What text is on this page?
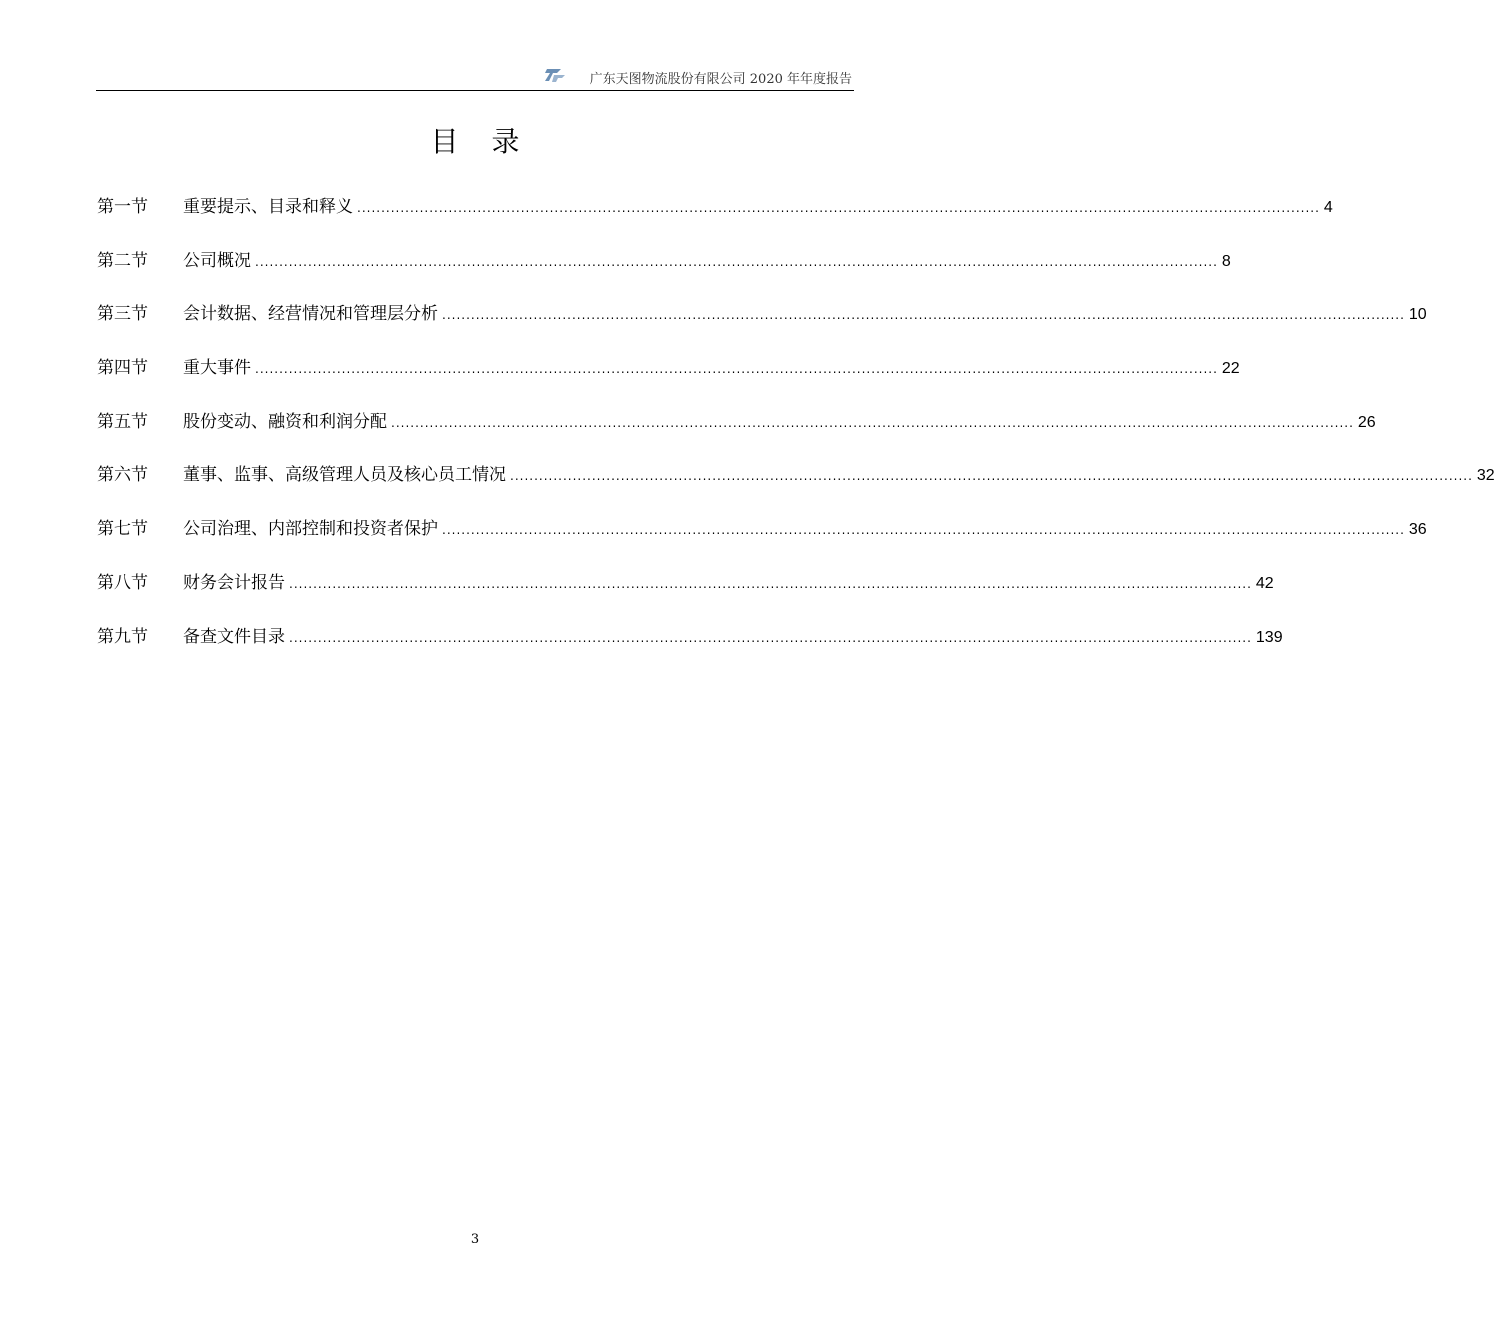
广东天图物流股份有限公司 2020 年年度报告
目 录
第一节	重要提示、目录和释义 ........................................................................................................................................................................................................ 4
第二节	公司概况 ........................................................................................................................................................................................................ 8
第三节	会计数据、经营情况和管理层分析 ........................................................................................................................................................................................................ 10
第四节	重大事件 ........................................................................................................................................................................................................ 22
第五节	股份变动、融资和利润分配 ........................................................................................................................................................................................................ 26
第六节	董事、监事、高级管理人员及核心员工情况 ........................................................................................................................................................................................................ 32
第七节	公司治理、内部控制和投资者保护 ........................................................................................................................................................................................................ 36
第八节	财务会计报告 ........................................................................................................................................................................................................ 42
第九节	备查文件目录 ........................................................................................................................................................................................................ 139
3
